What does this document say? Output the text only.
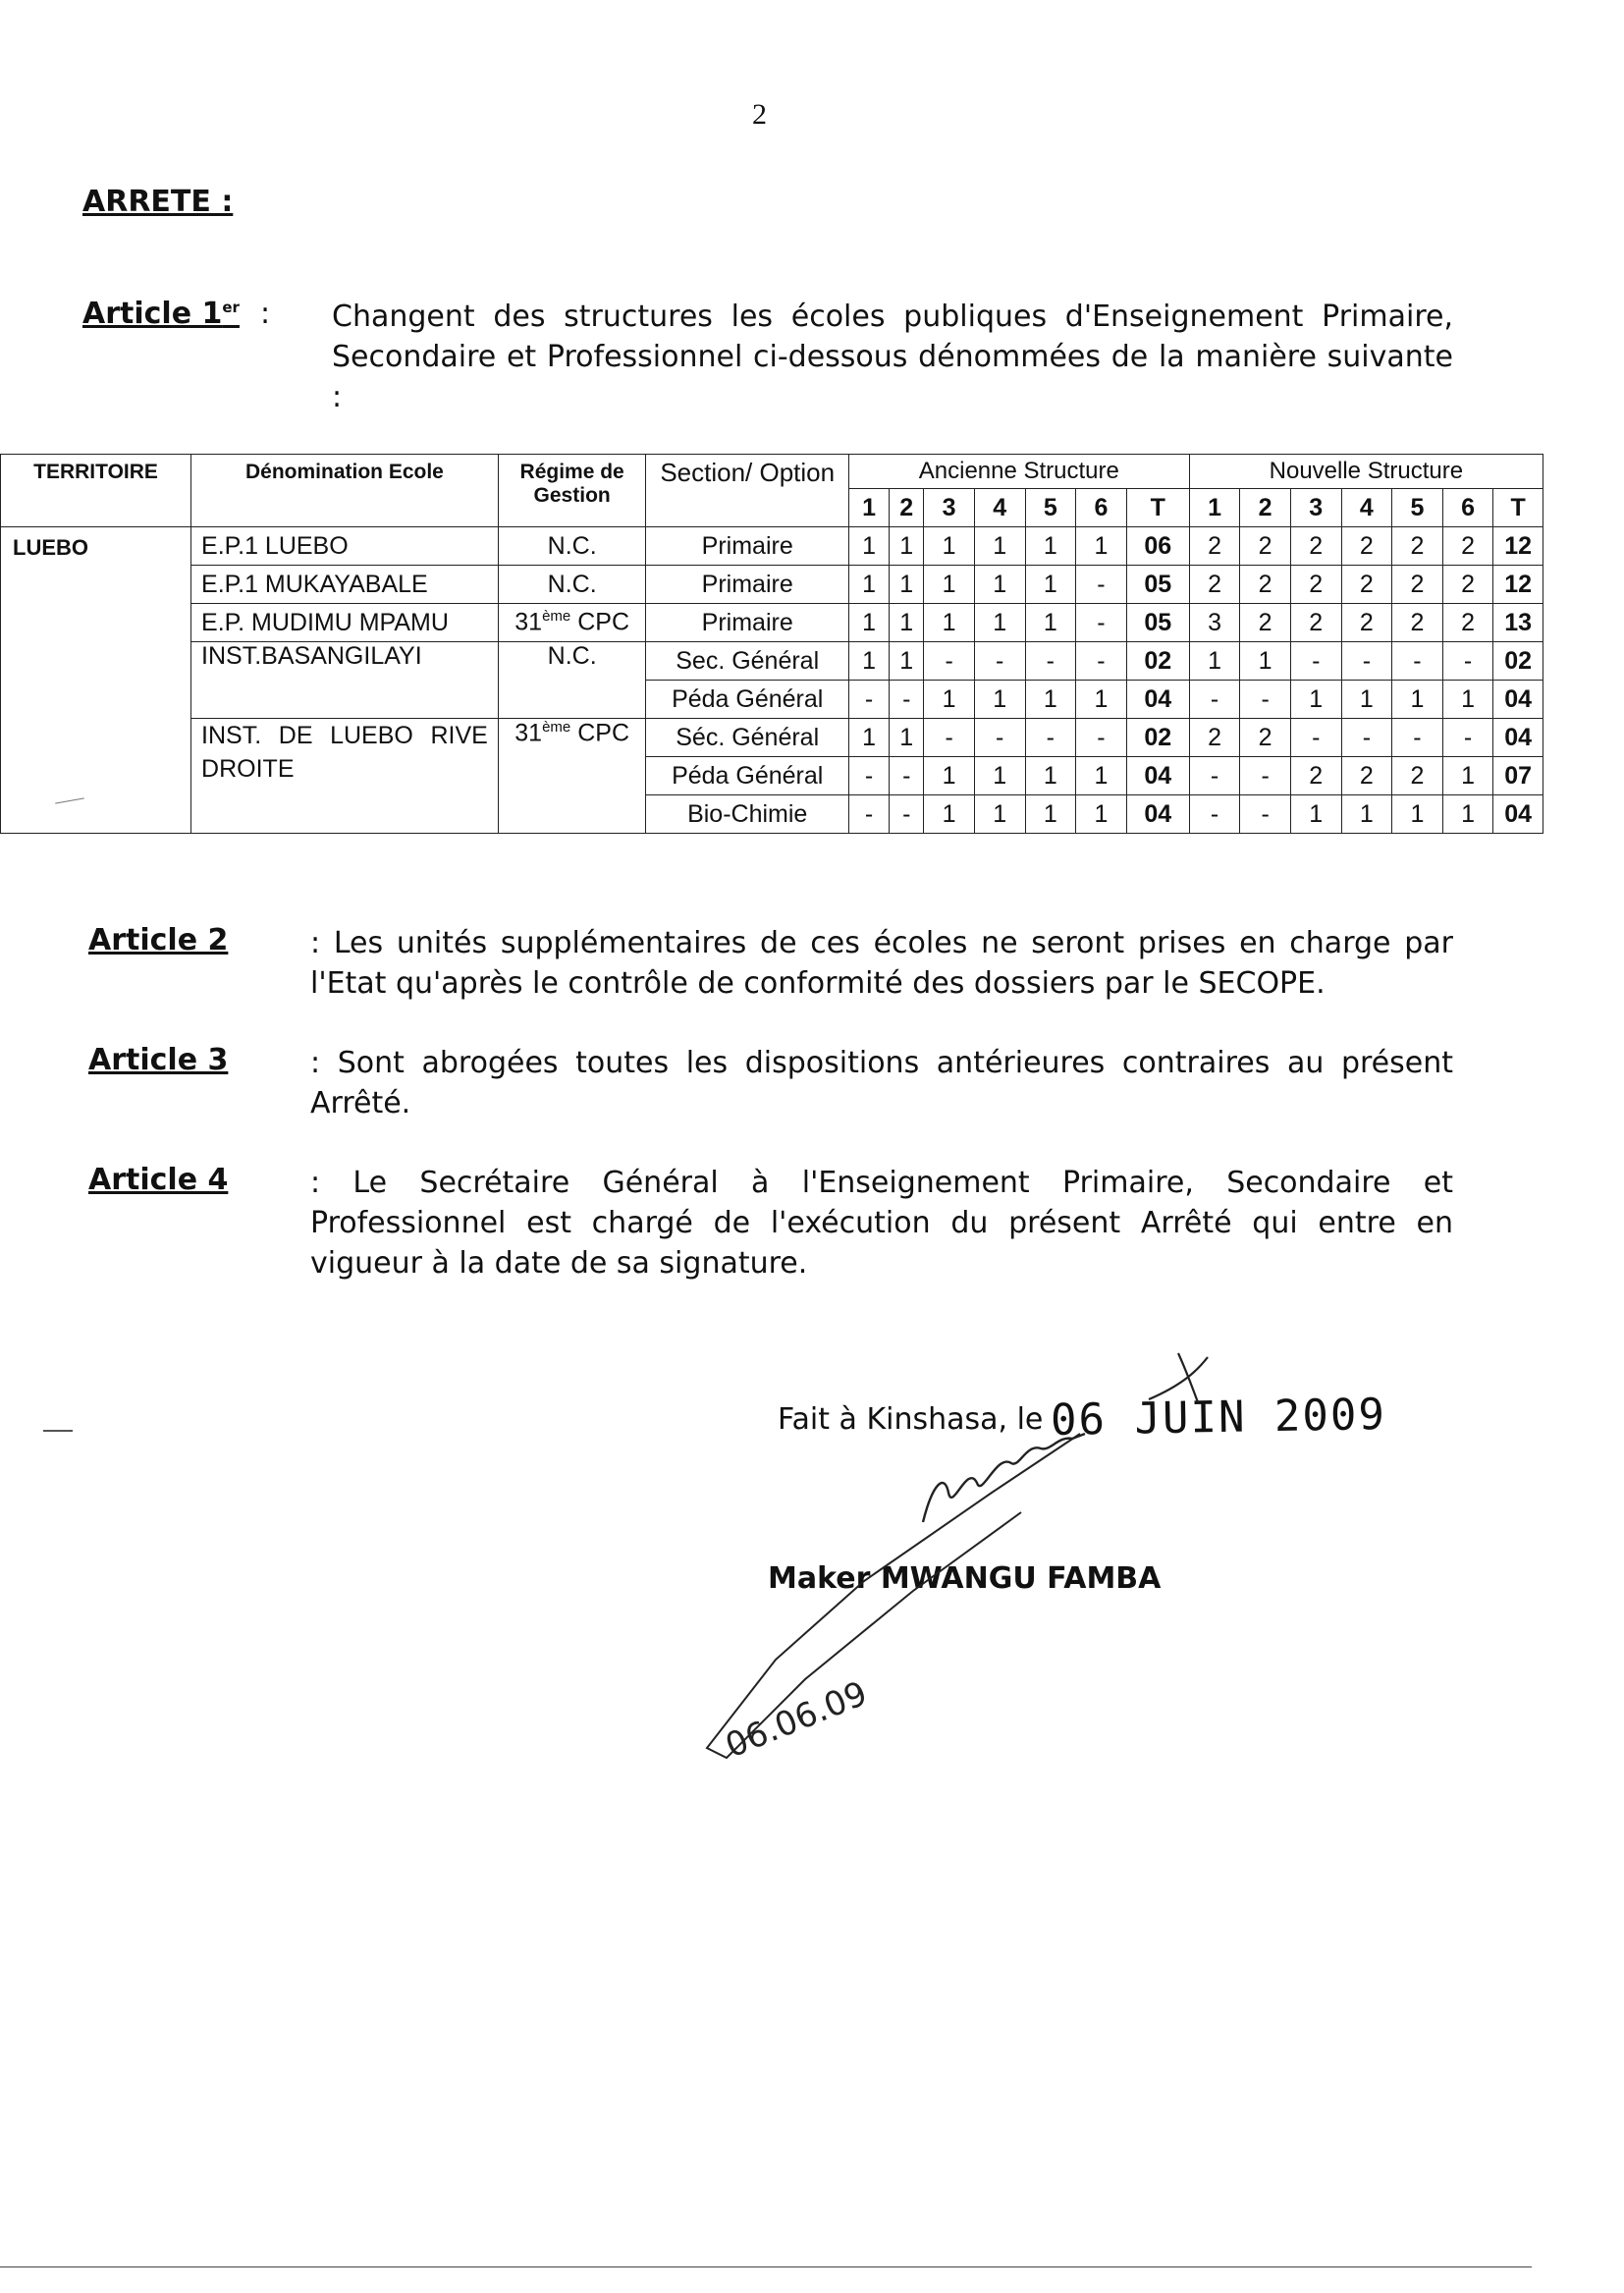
2
ARRETE :
Article 1er : Changent des structures les écoles publiques d'Enseignement Primaire, Secondaire et Professionnel ci-dessous dénommées de la manière suivante :
TERRITOIRE	Dénomination Ecole	Régime de Gestion	Section/ Option	Ancienne Structure							Nouvelle Structure						
				1	2	3	4	5	6	T	1	2	3	4	5	6	T
LUEBO	E.P.1 LUEBO	N.C.	Primaire	1	1	1	1	1	1	06	2	2	2	2	2	2	12
	E.P.1 MUKAYABALE	N.C.	Primaire	1	1	1	1	1	-	05	2	2	2	2	2	2	12
	E.P. MUDIMU MPAMU	31ème CPC	Primaire	1	1	1	1	1	-	05	3	2	2	2	2	2	13
	INST.BASANGILAYI	N.C.	Sec. Général	1	1	-	-	-	-	02	1	1	-	-	-	-	02
			Péda Général	-	-	1	1	1	1	04	-	-	1	1	1	1	04
	INST. DE LUEBO RIVE DROITE	31ème CPC	Séc. Général	1	1	-	-	-	-	02	2	2	-	-	-	-	04
			Péda Général	-	-	1	1	1	1	04	-	-	2	2	2	1	07
			Bio-Chimie	-	-	1	1	1	1	04	-	-	1	1	1	1	04
Article 2	: Les unités supplémentaires de ces écoles ne seront prises en charge par l'Etat qu'après le contrôle de conformité des dossiers par le SECOPE.
Article 3	: Sont abrogées toutes les dispositions antérieures contraires au présent Arrêté.
Article 4	: Le Secrétaire Général à l'Enseignement Primaire, Secondaire et Professionnel est chargé de l'exécution du présent Arrêté qui entre en vigueur à la date de sa signature.
Fait à Kinshasa, le 06 JUIN 2009
Maker MWANGU FAMBA
06.06.09
